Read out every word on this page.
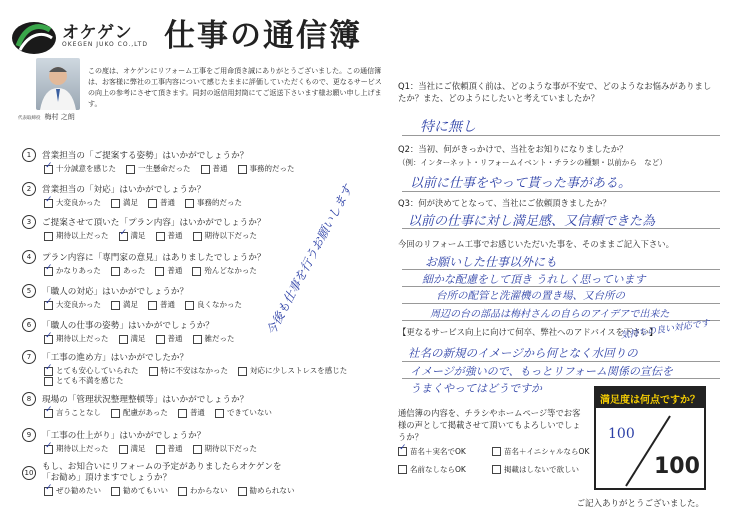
オケゲン
OKEGEN JUKO CO.,LTD 仕事の通信簿
代表取締役 梅村 之朗
この度は、オケゲンにリフォーム工事をご用命頂き誠にありがとうございました。この通信簿は、お客様に弊社の工事内容について感じたままに評価していただくもので、更なるサービスの向上の参考にさせて頂きます。同封の返信用封筒にてご返送下さいます様お願い申し上げます。
1	営業担当の「ご提案する姿勢」はいかがでしょうか？
✓
十分誠意を感じた	一生懸命だった	普通	事務的だった
2	営業担当の「対応」はいかがでしょうか？
✓
大変良かった	満足	普通	事務的だった
3	ご提案させて頂いた「プラン内容」はいかがでしょうか？
期待以上だった
✓	満足	普通	期待以下だった
4	プラン内容に「専門家の意見」はありましたでしょうか？
✓
かなりあった	あった	普通	殆んどなかった
5	「職人の対応」はいかがでしょうか？
✓
大変良かった	満足	普通	良くなかった
6	「職人の仕事の姿勢」はいかがでしょうか？
✓
期待以上だった	満足	普通	雑だった
7	「工事の進め方」はいかがでしたか？
✓
とても安心していられた	特に不安はなかった	対応に少しストレスを感じた
とても不満を感じた
8	現場の「管理状況整理整頓等」はいかがでしょうか？
✓
言うことなし	配慮があった	普通	できていない
9	「工事の仕上がり」はいかがでしょうか？
✓
期待以上だった	満足	普通	期待以下だった
10
もし、お知合いにリフォームの予定がありましたらオケゲンを「お勧め」頂けますでしょうか？
✓
ぜひ勧めたい	勧めてもいい	わからない	勧められない
今後も仕事を行うお願いします
Q1：当社にご依頼頂く前は、どのような事が不安で、どのようなお悩みがありましたか？また、どのようにしたいと考えていましたか？
特に無し
Q2：当初、何がきっかけで、当社をお知りになりましたか？
（例：インターネット・リフォームイベント・チラシの種類・以前から　など）
以前に仕事をやって貰った事がある。
Q3：何が決めてとなって、当社にご依頼頂きましたか？
以前の仕事に対し満足感、又信頼できた為
今回のリフォーム工事でお感じいただいた事を、そのままご記入下さい。
お願いした仕事以外にも
細かな配慮をして頂き うれしく思っています
台所の配管と洗濯機の置き場、又台所の
周辺の台の部品は梅村さんの自らのアイデアで出来た
【更なるサービス向上に向けて何卒、弊社へのアドバイスを下さい】
気持ちの良い対応です
社名の新規のイメージから何となく水回りの
イメージが強いので、もっとリフォーム関係の宣伝を
うまくやってはどうですか
通信簿の内容を、チラシやホームページ等でお客様の声として掲載させて頂いてもよろしいでしょうか？
✓
苗名＋実名でOK	苗名＋イニシャルならOK
名前なしならOK	掲載はしないで欲しい
満足度は何点ですか？
100
100
ご記入ありがとうございました。
